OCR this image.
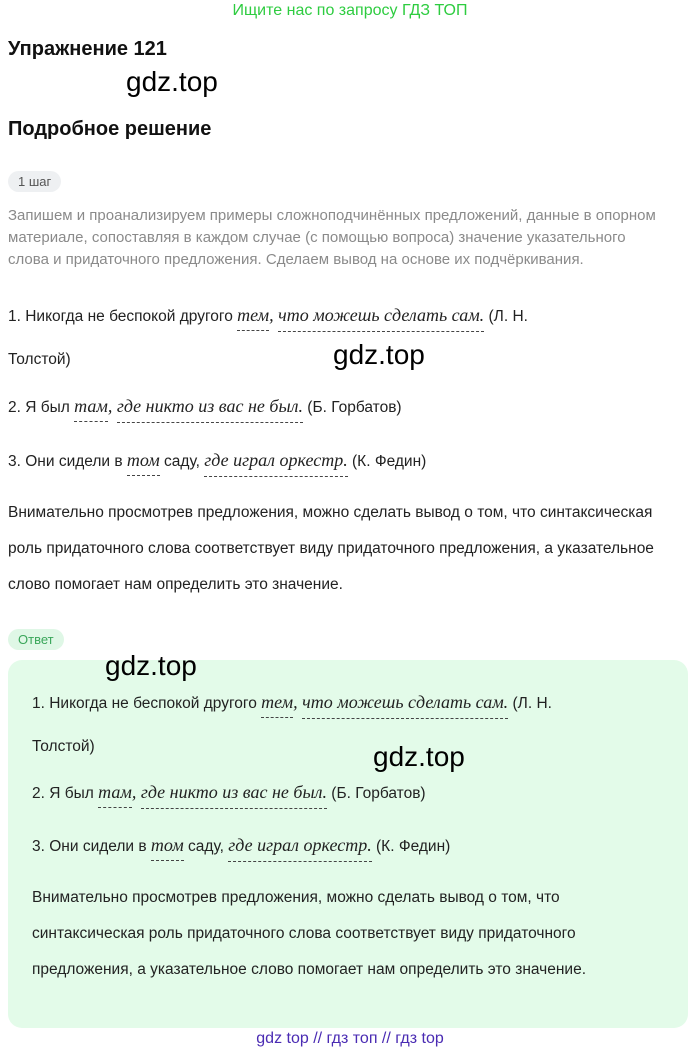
Ищите нас по запросу ГДЗ ТОП
Упражнение 121
gdz.top
Подробное решение
1 шаг
Запишем и проанализируем примеры сложноподчинённых предложений, данные в опорном материале, сопоставляя в каждом случае (с помощью вопроса) значение указательного слова и придаточного предложения. Сделаем вывод на основе их подчёркивания.
1. Никогда не беспокой другого тем, что можешь сделать сам. (Л. Н.
Толстой)	gdz.top
2. Я был там, где никто из вас не был. (Б. Горбатов)
3. Они сидели в том саду, где играл оркестр. (К. Федин)
Внимательно просмотрев предложения, можно сделать вывод о том, что синтаксическая роль придаточного слова соответствует виду придаточного предложения, а указательное слово помогает нам определить это значение.
Ответ
gdz.top
1. Никогда не беспокой другого тем, что можешь сделать сам. (Л. Н.
Толстой)	gdz.top
2. Я был там, где никто из вас не был. (Б. Горбатов)
3. Они сидели в том саду, где играл оркестр. (К. Федин)
Внимательно просмотрев предложения, можно сделать вывод о том, что синтаксическая роль придаточного слова соответствует виду придаточного предложения, а указательное слово помогает нам определить это значение.
gdz top // гдз топ // гдз top
